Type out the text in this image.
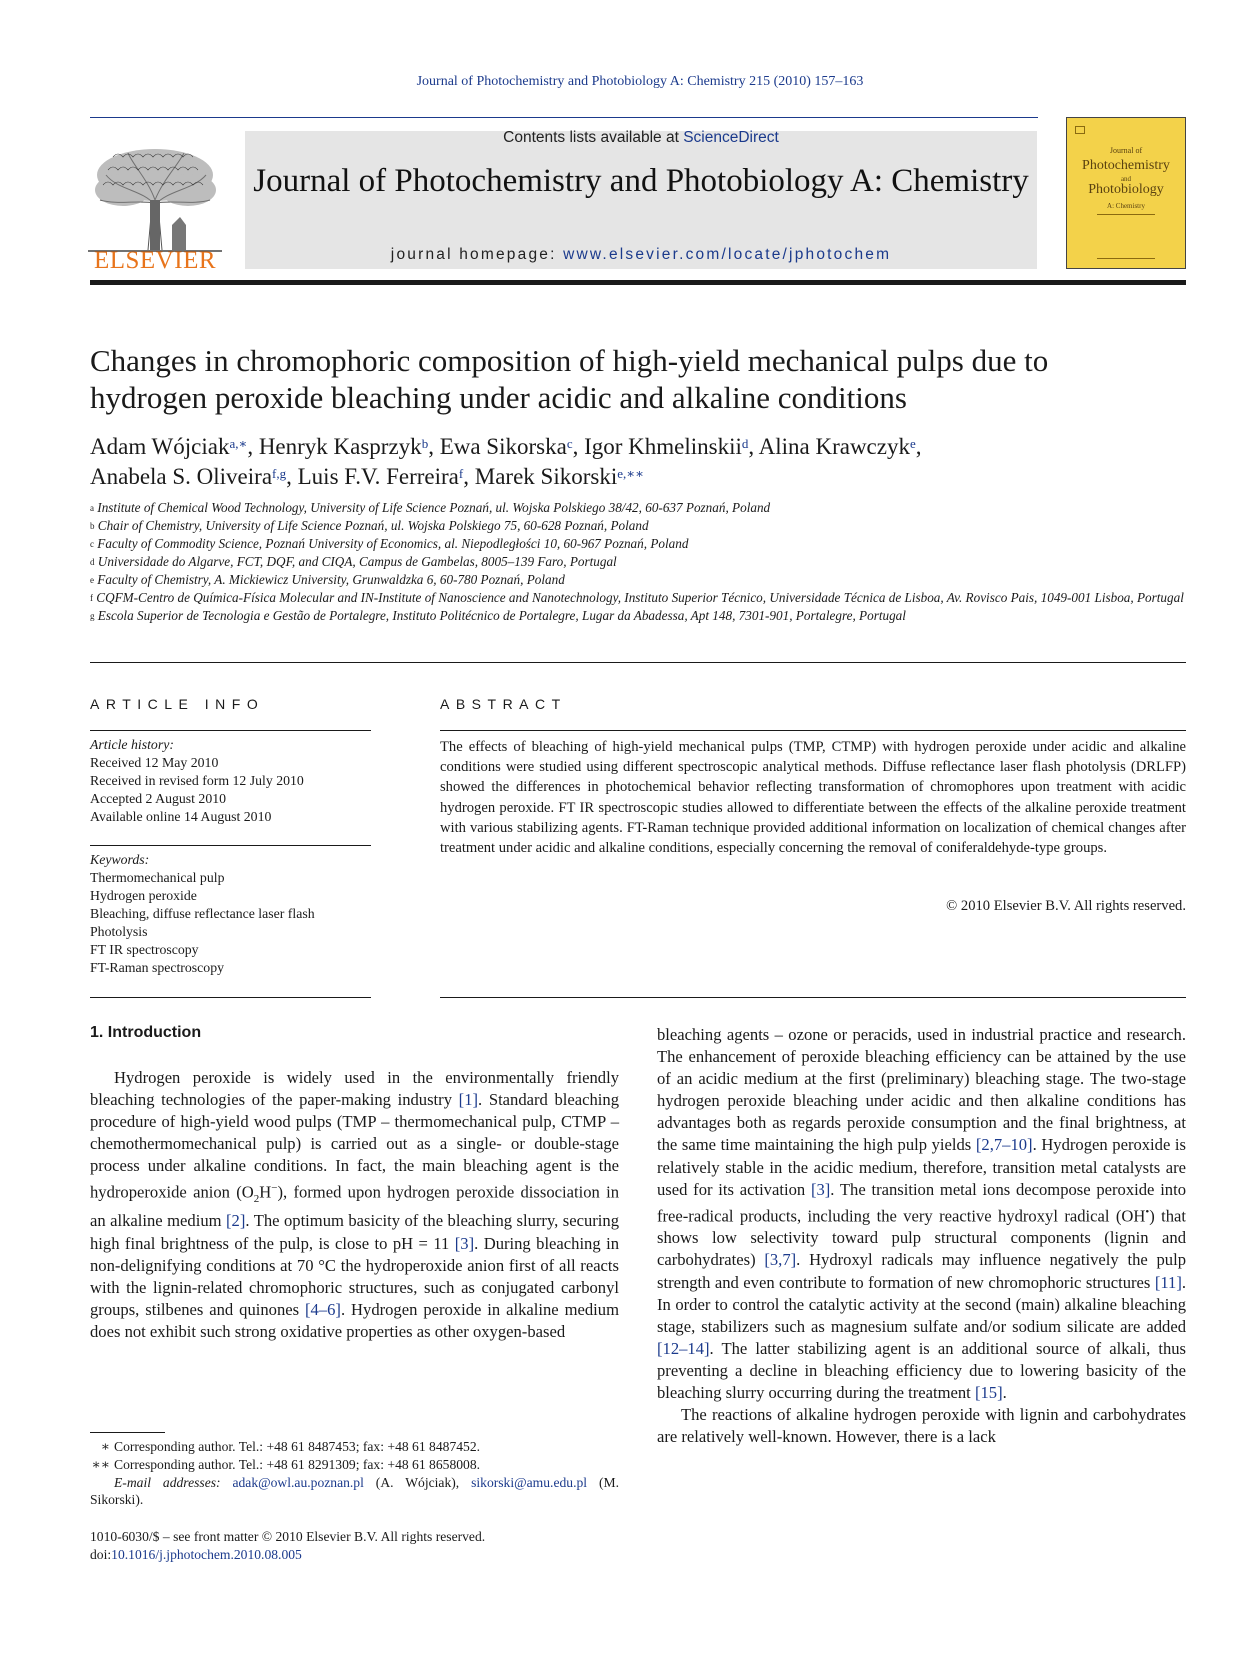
Journal of Photochemistry and Photobiology A: Chemistry 215 (2010) 157–163
ELSEVIER
Contents lists available at ScienceDirect
Journal of Photochemistry and Photobiology A: Chemistry
journal homepage: www.elsevier.com/locate/jphotochem
Journal of
Photochemistry
and
Photobiology
A: Chemistry
Changes in chromophoric composition of high-yield mechanical pulps due to
hydrogen peroxide bleaching under acidic and alkaline conditions
Adam Wójciak$^{a,∗}$, Henryk Kasprzyk$^b$, Ewa Sikorska$^c$, Igor Khmelinskii$^d$, Alina Krawczyk$^e$,
Anabela S. Oliveira$^{f,g}$, Luis F.V. Ferreira$^f$, Marek Sikorski$^{e,∗∗}$
$^a$ Institute of Chemical Wood Technology, University of Life Science Poznań, ul. Wojska Polskiego 38/42, 60-637 Poznań, Poland
$^b$ Chair of Chemistry, University of Life Science Poznań, ul. Wojska Polskiego 75, 60-628 Poznań, Poland
$^c$ Faculty of Commodity Science, Poznań University of Economics, al. Niepodległości 10, 60-967 Poznań, Poland
$^d$ Universidade do Algarve, FCT, DQF, and CIQA, Campus de Gambelas, 8005–139 Faro, Portugal
$^e$ Faculty of Chemistry, A. Mickiewicz University, Grunwaldzka 6, 60-780 Poznań, Poland
$^f$ CQFM-Centro de Química-Física Molecular and IN-Institute of Nanoscience and Nanotechnology, Instituto Superior Técnico, Universidade Técnica de Lisboa, Av. Rovisco Pais, 1049-001 Lisboa, Portugal
$^g$ Escola Superior de Tecnologia e Gestão de Portalegre, Instituto Politécnico de Portalegre, Lugar da Abadessa, Apt 148, 7301-901, Portalegre, Portugal
ARTICLE INFO
Article history:
Received 12 May 2010
Received in revised form 12 July 2010
Accepted 2 August 2010
Available online 14 August 2010
Keywords:
Thermomechanical pulp
Hydrogen peroxide
Bleaching, diffuse reflectance laser flash
Photolysis
FT IR spectroscopy
FT-Raman spectroscopy
ABSTRACT
The effects of bleaching of high-yield mechanical pulps (TMP, CTMP) with hydrogen peroxide under acidic and alkaline conditions were studied using different spectroscopic analytical methods. Diffuse reflectance laser flash photolysis (DRLFP) showed the differences in photochemical behavior reflecting transformation of chromophores upon treatment with acidic hydrogen peroxide. FT IR spectroscopic studies allowed to differentiate between the effects of the alkaline peroxide treatment with various stabilizing agents. FT-Raman technique provided additional information on localization of chemical changes after treatment under acidic and alkaline conditions, especially concerning the removal of coniferaldehyde-type groups.
© 2010 Elsevier B.V. All rights reserved.
1. Introduction

Hydrogen peroxide is widely used in the environmentally friendly bleaching technologies of the paper-making industry [1]. Standard bleaching procedure of high-yield wood pulps (TMP – thermomechanical pulp, CTMP – chemothermomechanical pulp) is carried out as a single- or double-stage process under alkaline conditions. In fact, the main bleaching agent is the hydroperoxide anion $(O_2H^-)$, formed upon hydrogen peroxide dissociation in an alkaline medium [2]. The optimum basicity of the bleaching slurry, securing high final brightness of the pulp, is close to pH = 11 [3]. During bleaching in non-delignifying conditions at 70 °C the hydroperoxide anion first of all reacts with the lignin-related chromophoric structures, such as conjugated carbonyl groups, stilbenes and quinones [4–6]. Hydrogen peroxide in alkaline medium does not exhibit such strong oxidative properties as other oxygen-based

bleaching agents – ozone or peracids, used in industrial practice and research. The enhancement of peroxide bleaching efficiency can be attained by the use of an acidic medium at the first (preliminary) bleaching stage. The two-stage hydrogen peroxide bleaching under acidic and then alkaline conditions has advantages both as regards peroxide consumption and the final brightness, at the same time maintaining the high pulp yields [2,7–10]. Hydrogen peroxide is relatively stable in the acidic medium, therefore, transition metal catalysts are used for its activation [3]. The transition metal ions decompose peroxide into free-radical products, including the very reactive hydroxyl radical (OH•) that shows low selectivity toward pulp structural components (lignin and carbohydrates) [3,7]. Hydroxyl radicals may influence negatively the pulp strength and even contribute to formation of new chromophoric structures [11]. In order to control the catalytic activity at the second (main) alkaline bleaching stage, stabilizers such as magnesium sulfate and/or sodium silicate are added [12–14]. The latter stabilizing agent is an additional source of alkali, thus preventing a decline in bleaching efficiency due to lowering basicity of the bleaching slurry occurring during the treatment [15].

The reactions of alkaline hydrogen peroxide with lignin and carbohydrates are relatively well-known. However, there is a lack

∗ Corresponding author. Tel.: +48 61 8487453; fax: +48 61 8487452.
∗∗ Corresponding author. Tel.: +48 61 8291309; fax: +48 61 8658008.
E-mail addresses: adak@owl.au.poznan.pl (A. Wójciak), sikorski@amu.edu.pl (M. Sikorski).
1010-6030/$ – see front matter © 2010 Elsevier B.V. All rights reserved.
doi:10.1016/j.jphotochem.2010.08.005
